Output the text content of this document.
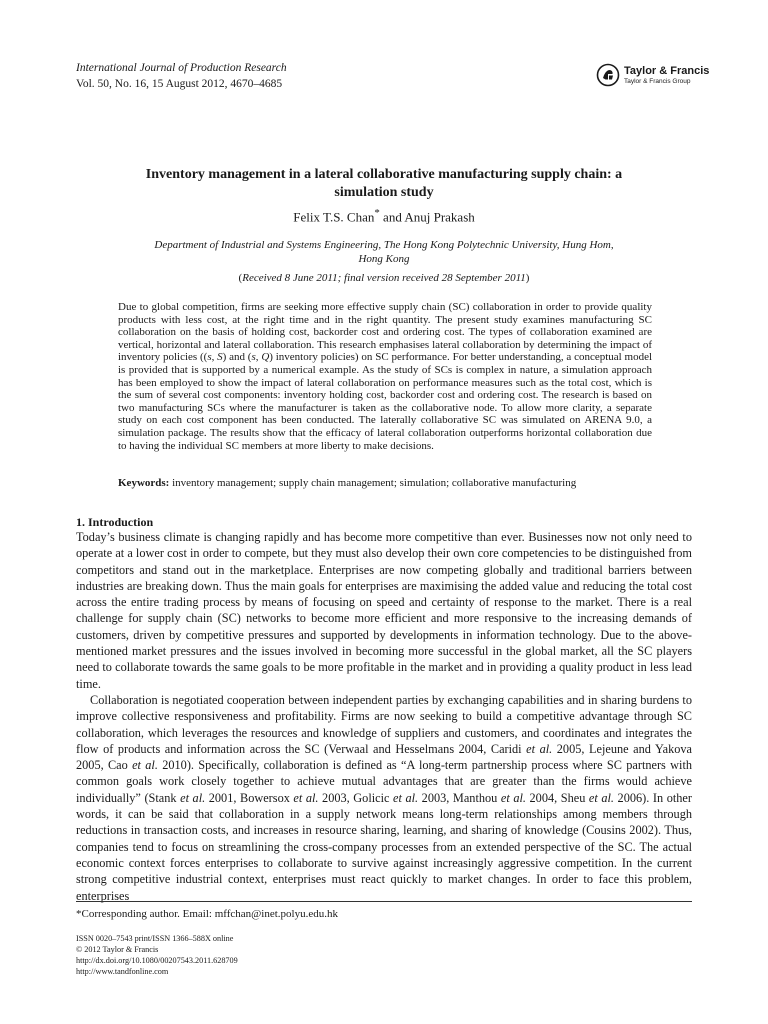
International Journal of Production Research
Vol. 50, No. 16, 15 August 2012, 4670–4685
Taylor & Francis
Taylor & Francis Group
Inventory management in a lateral collaborative manufacturing supply chain: a simulation study
Felix T.S. Chan* and Anuj Prakash
Department of Industrial and Systems Engineering, The Hong Kong Polytechnic University, Hung Hom, Hong Kong
(Received 8 June 2011; final version received 28 September 2011)
Due to global competition, firms are seeking more effective supply chain (SC) collaboration in order to provide quality products with less cost, at the right time and in the right quantity. The present study examines manufacturing SC collaboration on the basis of holding cost, backorder cost and ordering cost. The types of collaboration examined are vertical, horizontal and lateral collaboration. This research emphasises lateral collaboration by determining the impact of inventory policies ((s, S) and (s, Q) inventory policies) on SC performance. For better understanding, a conceptual model is provided that is supported by a numerical example. As the study of SCs is complex in nature, a simulation approach has been employed to show the impact of lateral collaboration on performance measures such as the total cost, which is the sum of several cost components: inventory holding cost, backorder cost and ordering cost. The research is based on two manufacturing SCs where the manufacturer is taken as the collaborative node. To allow more clarity, a separate study on each cost component has been conducted. The laterally collaborative SC was simulated on ARENA 9.0, a simulation package. The results show that the efficacy of lateral collaboration outperforms horizontal collaboration due to having the individual SC members at more liberty to make decisions.
Keywords: inventory management; supply chain management; simulation; collaborative manufacturing
1. Introduction

Today’s business climate is changing rapidly and has become more competitive than ever. Businesses now not only need to operate at a lower cost in order to compete, but they must also develop their own core competencies to be distinguished from competitors and stand out in the marketplace. Enterprises are now competing globally and traditional barriers between industries are breaking down. Thus the main goals for enterprises are maximising the added value and reducing the total cost across the entire trading process by means of focusing on speed and certainty of response to the market. There is a real challenge for supply chain (SC) networks to become more efficient and more responsive to the increasing demands of customers, driven by competitive pressures and supported by developments in information technology. Due to the above-mentioned market pressures and the issues involved in becoming more successful in the global market, all the SC players need to collaborate towards the same goals to be more profitable in the market and in providing a quality product in less lead time.

Collaboration is negotiated cooperation between independent parties by exchanging capabilities and in sharing burdens to improve collective responsiveness and profitability. Firms are now seeking to build a competitive advantage through SC collaboration, which leverages the resources and knowledge of suppliers and customers, and coordinates and integrates the flow of products and information across the SC (Verwaal and Hesselmans 2004, Caridi et al. 2005, Lejeune and Yakova 2005, Cao et al. 2010). Specifically, collaboration is defined as “A long-term partnership process where SC partners with common goals work closely together to achieve mutual advantages that are greater than the firms would achieve individually” (Stank et al. 2001, Bowersox et al. 2003, Golicic et al. 2003, Manthou et al. 2004, Sheu et al. 2006). In other words, it can be said that collaboration in a supply network means long-term relationships among members through reductions in transaction costs, and increases in resource sharing, learning, and sharing of knowledge (Cousins 2002). Thus, companies tend to focus on streamlining the cross-company processes from an extended perspective of the SC. The actual economic context forces enterprises to collaborate to survive against increasingly aggressive competition. In the current strong competitive industrial context, enterprises must react quickly to market changes. In order to face this problem, enterprises

*Corresponding author. Email: mffchan@inet.polyu.edu.hk
ISSN 0020–7543 print/ISSN 1366–588X online
© 2012 Taylor & Francis
http://dx.doi.org/10.1080/00207543.2011.628709
http://www.tandfonline.com
